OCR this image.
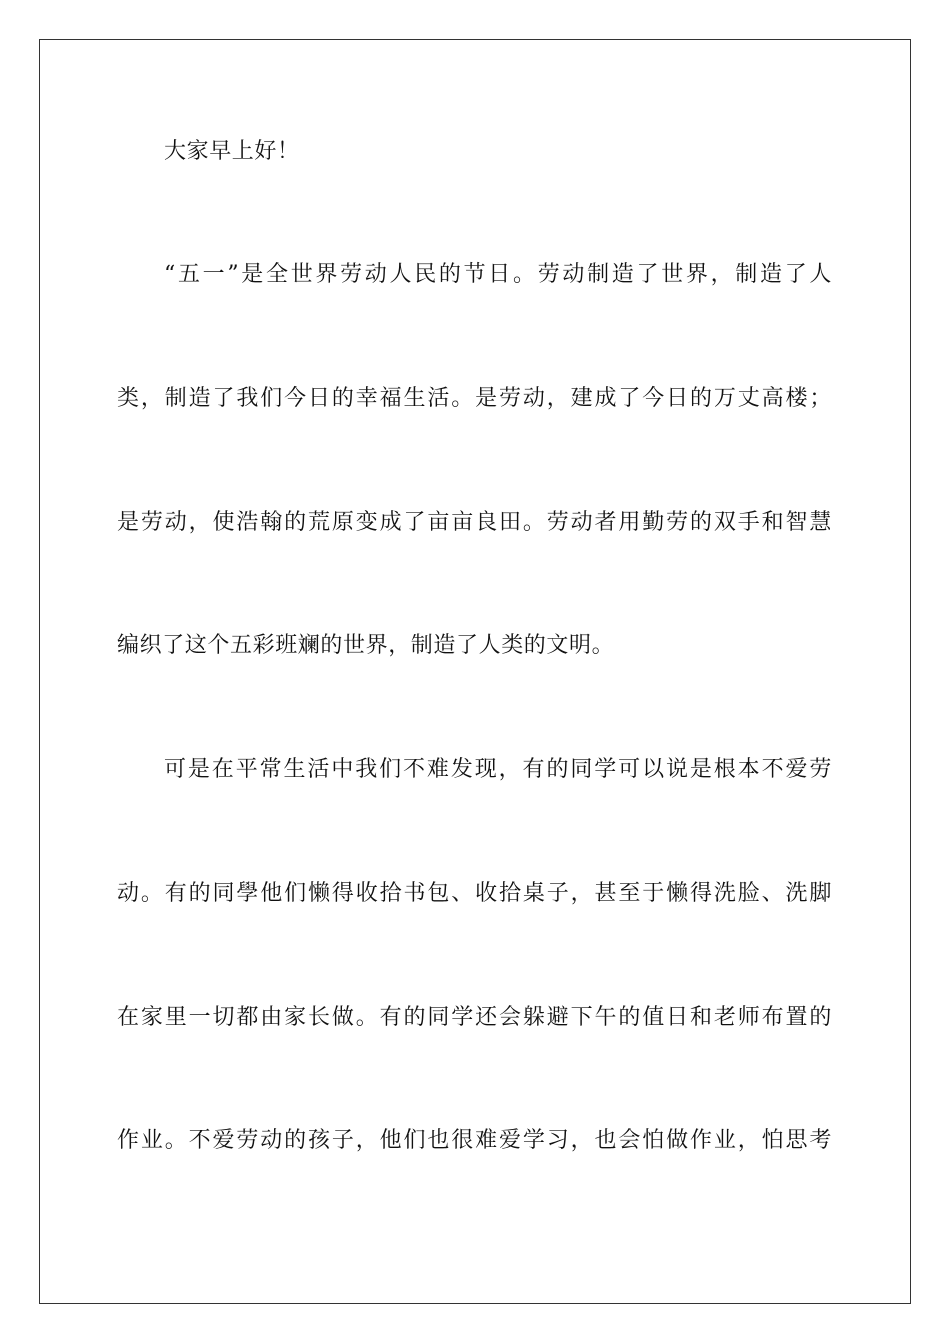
大家早上好！
“五一”是全世界劳动人民的节日。劳动制造了世界，制造了人
类，制造了我们今日的幸福生活。是劳动，建成了今日的万丈高楼；
是劳动，使浩翰的荒原变成了亩亩良田。劳动者用勤劳的双手和智慧
编织了这个五彩班斓的世界，制造了人类的文明。
可是在平常生活中我们不难发现，有的同学可以说是根本不爱劳
动。有的同學他们懒得收拾书包、收拾桌子，甚至于懒得洗脸、洗脚
在家里一切都由家长做。有的同学还会躲避下午的值日和老师布置的
作业。不爱劳动的孩子，他们也很难爱学习，也会怕做作业，怕思考
